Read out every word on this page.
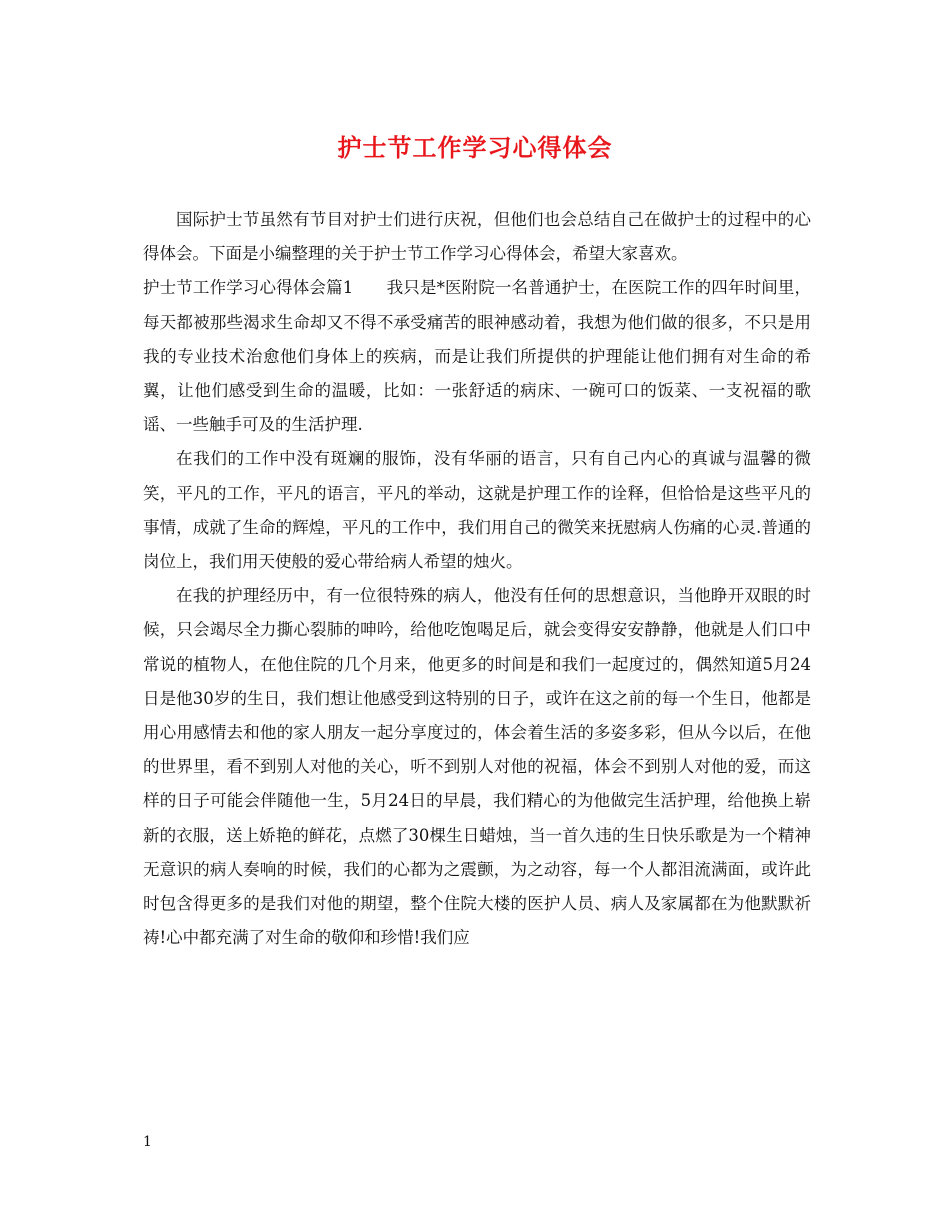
护士节工作学习心得体会

国际护士节虽然有节目对护士们进行庆祝，但他们也会总结自己在做护士的过程中的心得体会。下面是小编整理的关于护士节工作学习心得体会，希望大家喜欢。

护士节工作学习心得体会篇1　　我只是*医附院一名普通护士，在医院工作的四年时间里，每天都被那些渴求生命却又不得不承受痛苦的眼神感动着，我想为他们做的很多，不只是用我的专业技术治愈他们身体上的疾病，而是让我们所提供的护理能让他们拥有对生命的希翼，让他们感受到生命的温暖，比如：一张舒适的病床、一碗可口的饭菜、一支祝福的歌谣、一些触手可及的生活护理.

在我们的工作中没有斑斓的服饰，没有华丽的语言，只有自己内心的真诚与温馨的微笑，平凡的工作，平凡的语言，平凡的举动，这就是护理工作的诠释，但恰恰是这些平凡的事情，成就了生命的辉煌，平凡的工作中，我们用自己的微笑来抚慰病人伤痛的心灵.普通的岗位上，我们用天使般的爱心带给病人希望的烛火。

在我的护理经历中，有一位很特殊的病人，他没有任何的思想意识，当他睁开双眼的时候，只会竭尽全力撕心裂肺的呻吟，给他吃饱喝足后，就会变得安安静静，他就是人们口中常说的植物人，在他住院的几个月来，他更多的时间是和我们一起度过的，偶然知道5月24日是他30岁的生日，我们想让他感受到这特别的日子，或许在这之前的每一个生日，他都是用心用感情去和他的家人朋友一起分享度过的，体会着生活的多姿多彩，但从今以后，在他的世界里，看不到别人对他的关心，听不到别人对他的祝福，体会不到别人对他的爱，而这样的日子可能会伴随他一生，5月24日的早晨，我们精心的为他做完生活护理，给他换上崭新的衣服，送上娇艳的鲜花，点燃了30棵生日蜡烛，当一首久违的生日快乐歌是为一个精神无意识的病人奏响的时候，我们的心都为之震颤，为之动容，每一个人都泪流满面，或许此时包含得更多的是我们对他的期望，整个住院大楼的医护人员、病人及家属都在为他默默祈祷!心中都充满了对生命的敬仰和珍惜!我们应

1
